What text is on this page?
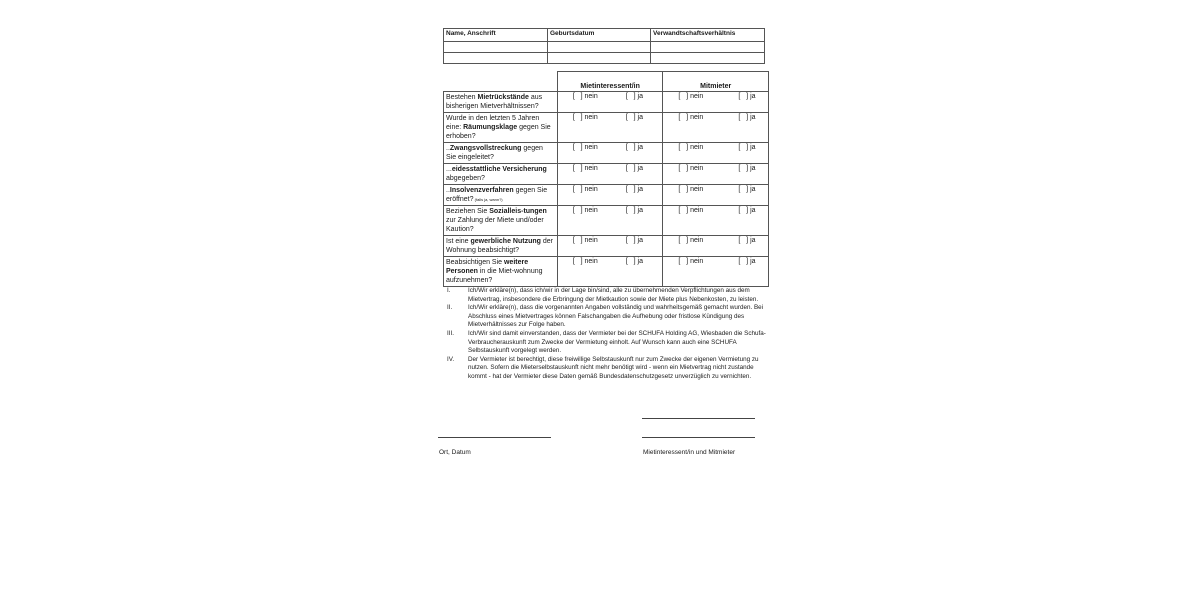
Name, Anschrift	Geburtsdatum	Verwandtschaftsverhältnis

	Mietinteressent/in	Mitmieter
Bestehen Mietrückstände aus bisherigen Mietverhältnissen?	[   ] nein [   ] ja	[   ] nein [   ] ja

Wurde in den letzten 5 Jahren eine: Räumungsklage gegen Sie erhoben?	[   ] nein [   ] ja	[   ] nein [   ] ja

..Zwangsvollstreckung gegen Sie eingeleitet?	[   ] nein [   ] ja	[   ] nein [   ] ja

...eidesstattliche Versicherung abgegeben?	[   ] nein [   ] ja	[   ] nein [   ] ja

..Insolvenzverfahren gegen Sie eröffnet? (falls ja, wann?)	[   ] nein [   ] ja	[   ] nein [   ] ja

Beziehen Sie Sozialleis-tungen zur Zahlung der Miete und/oder Kaution?	[   ] nein [   ] ja	[   ] nein [   ] ja

Ist eine gewerbliche Nutzung der Wohnung beabsichtigt?	[   ] nein [   ] ja	[   ] nein [   ] ja

Beabsichtigen Sie weitere Personen in die Miet-wohnung aufzunehmen?	[   ] nein [   ] ja	[   ] nein [   ] ja
I.	Ich/Wir erkläre(n), dass ich/wir in der Lage bin/sind, alle zu übernehmenden Verpflichtungen aus dem Mietvertrag, insbesondere die Erbringung der Mietkaution sowie der Miete plus Nebenkosten, zu leisten.
II.	Ich/Wir erkläre(n), dass die vorgenannten Angaben vollständig und wahrheitsgemäß gemacht wurden. Bei Abschluss eines Mietvertrages können Falschangaben die Aufhebung oder fristlose Kündigung des Mietverhältnisses zur Folge haben.
III.	Ich/Wir sind damit einverstanden, dass der Vermieter bei der SCHUFA Holding AG, Wiesbaden die Schufa-Verbraucherauskunft zum Zwecke der Vermietung einholt. Auf Wunsch kann auch eine SCHUFA Selbstauskunft vorgelegt werden.
IV.	Der Vermieter ist berechtigt, diese freiwillige Selbstauskunft nur zum Zwecke der eigenen Vermietung zu nutzen. Sofern die Mieterselbstauskunft nicht mehr benötigt wird - wenn ein Mietvertrag nicht zustande kommt - hat der Vermieter diese Daten gemäß Bundesdatenschutzgesetz unverzüglich zu vernichten.
Ort, Datum	Mietinteressent/in und Mitmieter
